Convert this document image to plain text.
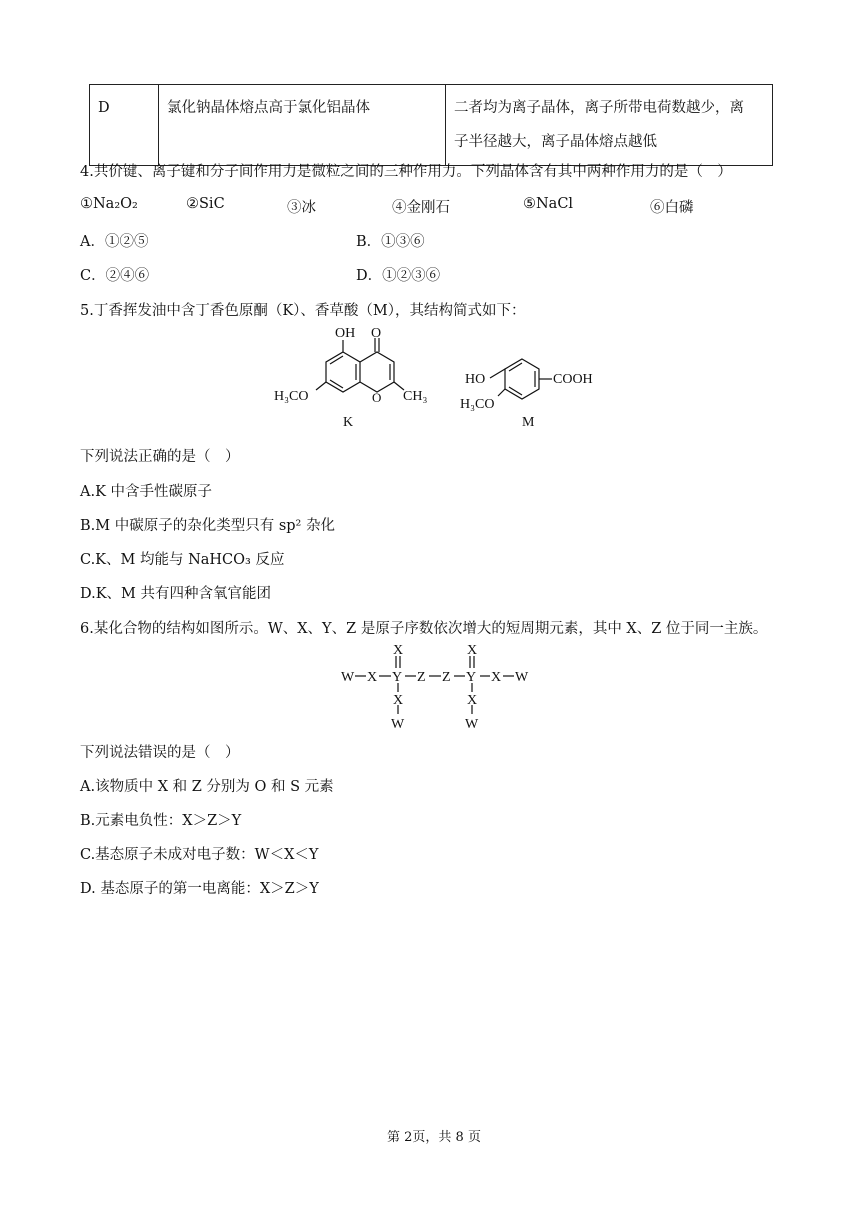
D	氯化钠晶体熔点高于氯化铝晶体	二者均为离子晶体，离子所带电荷数越少，离
子半径越大，离子晶体熔点越低
4.共价键、离子键和分子间作用力是微粒之间的三种作用力。下列晶体含有其中两种作用力的是（　）
①Na₂O₂	②SiC	③冰	④金刚石	⑤NaCl	⑥白磷
A．①②⑤	B．①③⑥
C．②④⑥	D．①②③⑥
5.丁香挥发油中含丁香色原酮（K）、香草酸（M），其结构简式如下：
OH O
O
H₃CO	CH₃
K
HO	COOH
H₃CO
M
下列说法正确的是（　）
A.K 中含手性碳原子
B.M 中碳原子的杂化类型只有 sp² 杂化
C.K、M 均能与 NaHCO₃ 反应
D.K、M 共有四种含氧官能团
6.某化合物的结构如图所示。W、X、Y、Z 是原子序数依次增大的短周期元素，其中 X、Z 位于同一主族。
X	X
W X Y Z Z Y X W
X	X
W	W
下列说法错误的是（　）
A.该物质中 X 和 Z 分别为 O 和 S 元素
B.元素电负性：X＞Z＞Y
C.基态原子未成对电子数：W＜X＜Y
D. 基态原子的第一电离能：X＞Z＞Y
第 2页，共 8 页
